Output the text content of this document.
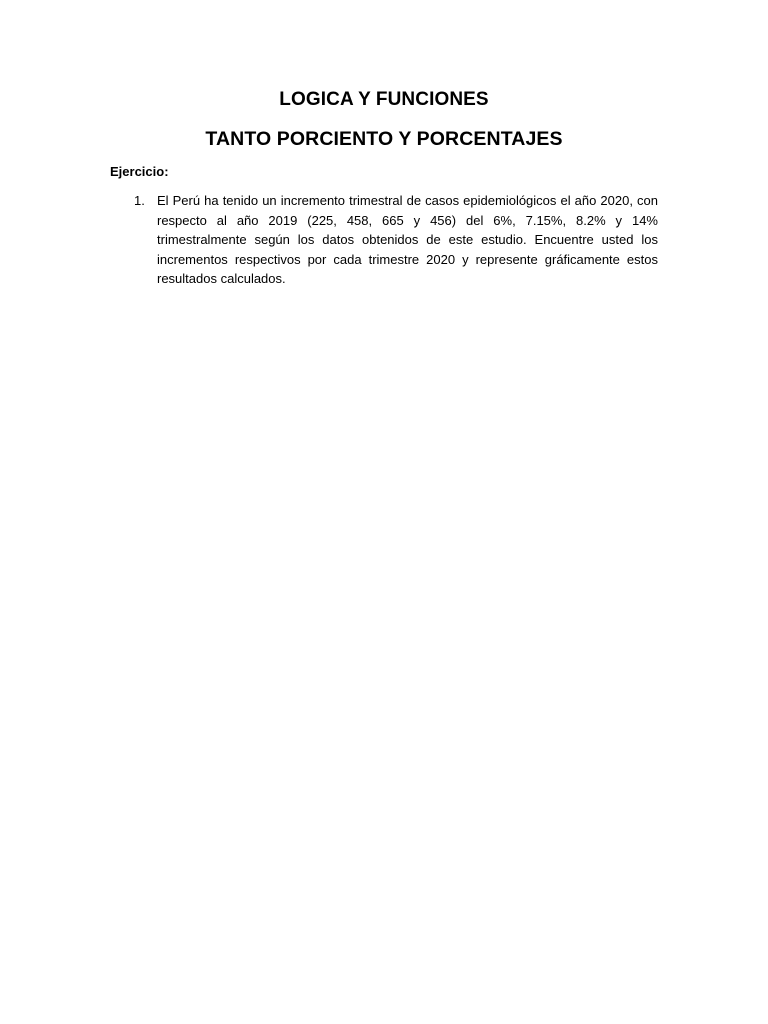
LOGICA Y FUNCIONES
TANTO PORCIENTO Y PORCENTAJES
Ejercicio:
1. El Perú ha tenido un incremento trimestral de casos epidemiológicos el año 2020, con respecto al año 2019 (225, 458, 665 y 456) del 6%, 7.15%, 8.2% y 14% trimestralmente según los datos obtenidos de este estudio. Encuentre usted los incrementos respectivos por cada trimestre 2020 y represente gráficamente estos resultados calculados.
